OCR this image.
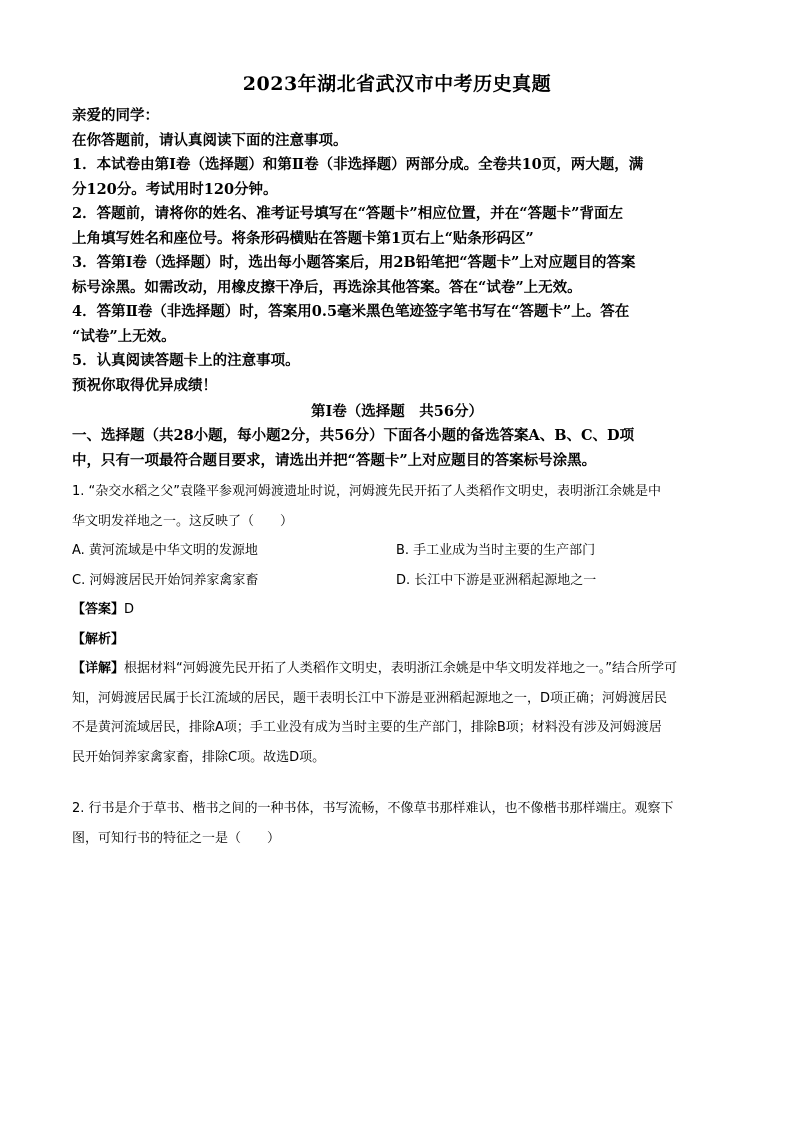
2023年湖北省武汉市中考历史真题

亲爱的同学：

在你答题前，请认真阅读下面的注意事项。

1．本试卷由第Ⅰ卷（选择题）和第Ⅱ卷（非选择题）两部分成。全卷共10页，两大题，满

分120分。考试用时120分钟。

2．答题前，请将你的姓名、准考证号填写在“答题卡”相应位置，并在“答题卡”背面左

上角填写姓名和座位号。将条形码横贴在答题卡第1页右上“贴条形码区”

3．答第Ⅰ卷（选择题）时，选出每小题答案后，用2B铅笔把“答题卡”上对应题目的答案

标号涂黑。如需改动，用橡皮擦干净后，再选涂其他答案。答在“试卷”上无效。

4．答第Ⅱ卷（非选择题）时，答案用0.5毫米黑色笔迹签字笔书写在“答题卡”上。答在

“试卷”上无效。

5．认真阅读答题卡上的注意事项。

预祝你取得优异成绩！

第Ⅰ卷（选择题　共56分）

一、选择题（共28小题，每小题2分，共56分）下面各小题的备选答案A、B、C、D项

中，只有一项最符合题目要求，请选出并把“答题卡”上对应题目的答案标号涂黑。

1. “杂交水稻之父”袁隆平参观河姆渡遗址时说，河姆渡先民开拓了人类稻作文明史，表明浙江余姚是中

华文明发祥地之一。这反映了（　　）

A. 黄河流域是中华文明的发源地	B. 手工业成为当时主要的生产部门
C. 河姆渡居民开始饲养家禽家畜	D. 长江中下游是亚洲稻起源地之一

【答案】D

【解析】

【详解】根据材料“河姆渡先民开拓了人类稻作文明史，表明浙江余姚是中华文明发祥地之一。”结合所学可

知，河姆渡居民属于长江流域的居民，题干表明长江中下游是亚洲稻起源地之一，D项正确；河姆渡居民

不是黄河流域居民，排除A项；手工业没有成为当时主要的生产部门，排除B项；材料没有涉及河姆渡居

民开始饲养家禽家畜，排除C项。故选D项。

2. 行书是介于草书、楷书之间的一种书体，书写流畅，不像草书那样难认，也不像楷书那样端庄。观察下

图，可知行书的特征之一是（　　）
